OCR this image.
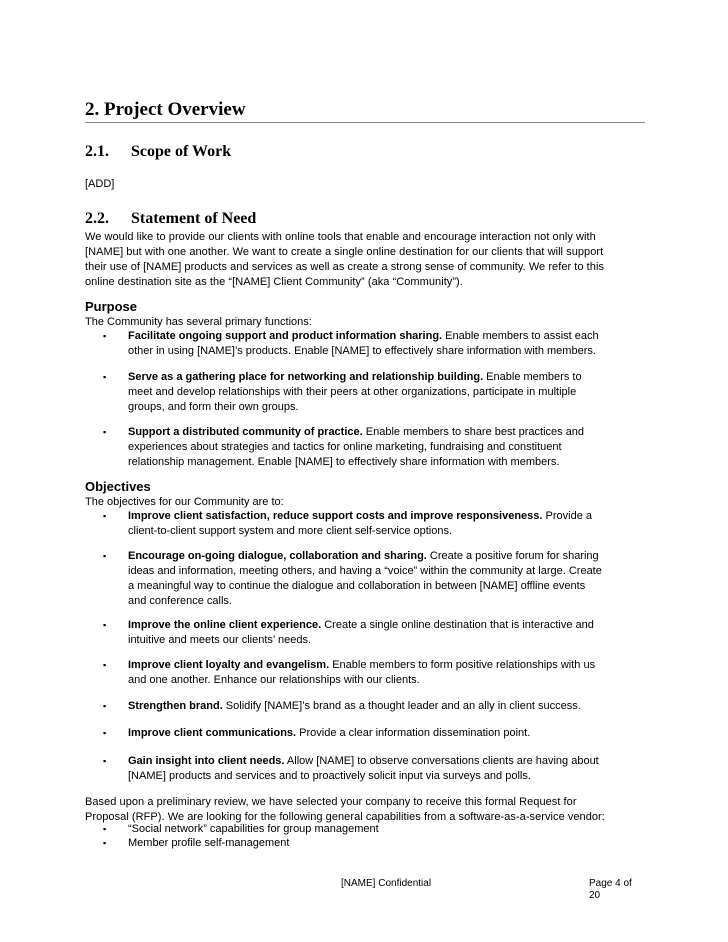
2. Project Overview
2.1. Scope of Work
[ADD]
2.2. Statement of Need
We would like to provide our clients with online tools that enable and encourage interaction not only with
[NAME] but with one another. We want to create a single online destination for our clients that will support
their use of [NAME] products and services as well as create a strong sense of community. We refer to this
online destination site as the “[NAME] Client Community” (aka “Community”).
Purpose
The Community has several primary functions:
▪ Facilitate ongoing support and product information sharing. Enable members to assist each
other in using [NAME]’s products. Enable [NAME] to effectively share information with members.
▪ Serve as a gathering place for networking and relationship building. Enable members to
meet and develop relationships with their peers at other organizations, participate in multiple
groups, and form their own groups.
▪ Support a distributed community of practice. Enable members to share best practices and
experiences about strategies and tactics for online marketing, fundraising and constituent
relationship management. Enable [NAME] to effectively share information with members.
Objectives
The objectives for our Community are to:
▪ Improve client satisfaction, reduce support costs and improve responsiveness. Provide a
client-to-client support system and more client self-service options.
▪ Encourage on-going dialogue, collaboration and sharing. Create a positive forum for sharing
ideas and information, meeting others, and having a “voice” within the community at large. Create
a meaningful way to continue the dialogue and collaboration in between [NAME] offline events
and conference calls.
▪ Improve the online client experience. Create a single online destination that is interactive and
intuitive and meets our clients’ needs.
▪ Improve client loyalty and evangelism. Enable members to form positive relationships with us
and one another. Enhance our relationships with our clients.
▪ Strengthen brand. Solidify [NAME]’s brand as a thought leader and an ally in client success.
▪ Improve client communications. Provide a clear information dissemination point.
▪ Gain insight into client needs. Allow [NAME] to observe conversations clients are having about
[NAME] products and services and to proactively solicit input via surveys and polls.
Based upon a preliminary review, we have selected your company to receive this formal Request for
Proposal (RFP). We are looking for the following general capabilities from a software-as-a-service vendor:
▪ “Social network” capabilities for group management
▪ Member profile self-management
[NAME] Confidential	Page 4 of 20
